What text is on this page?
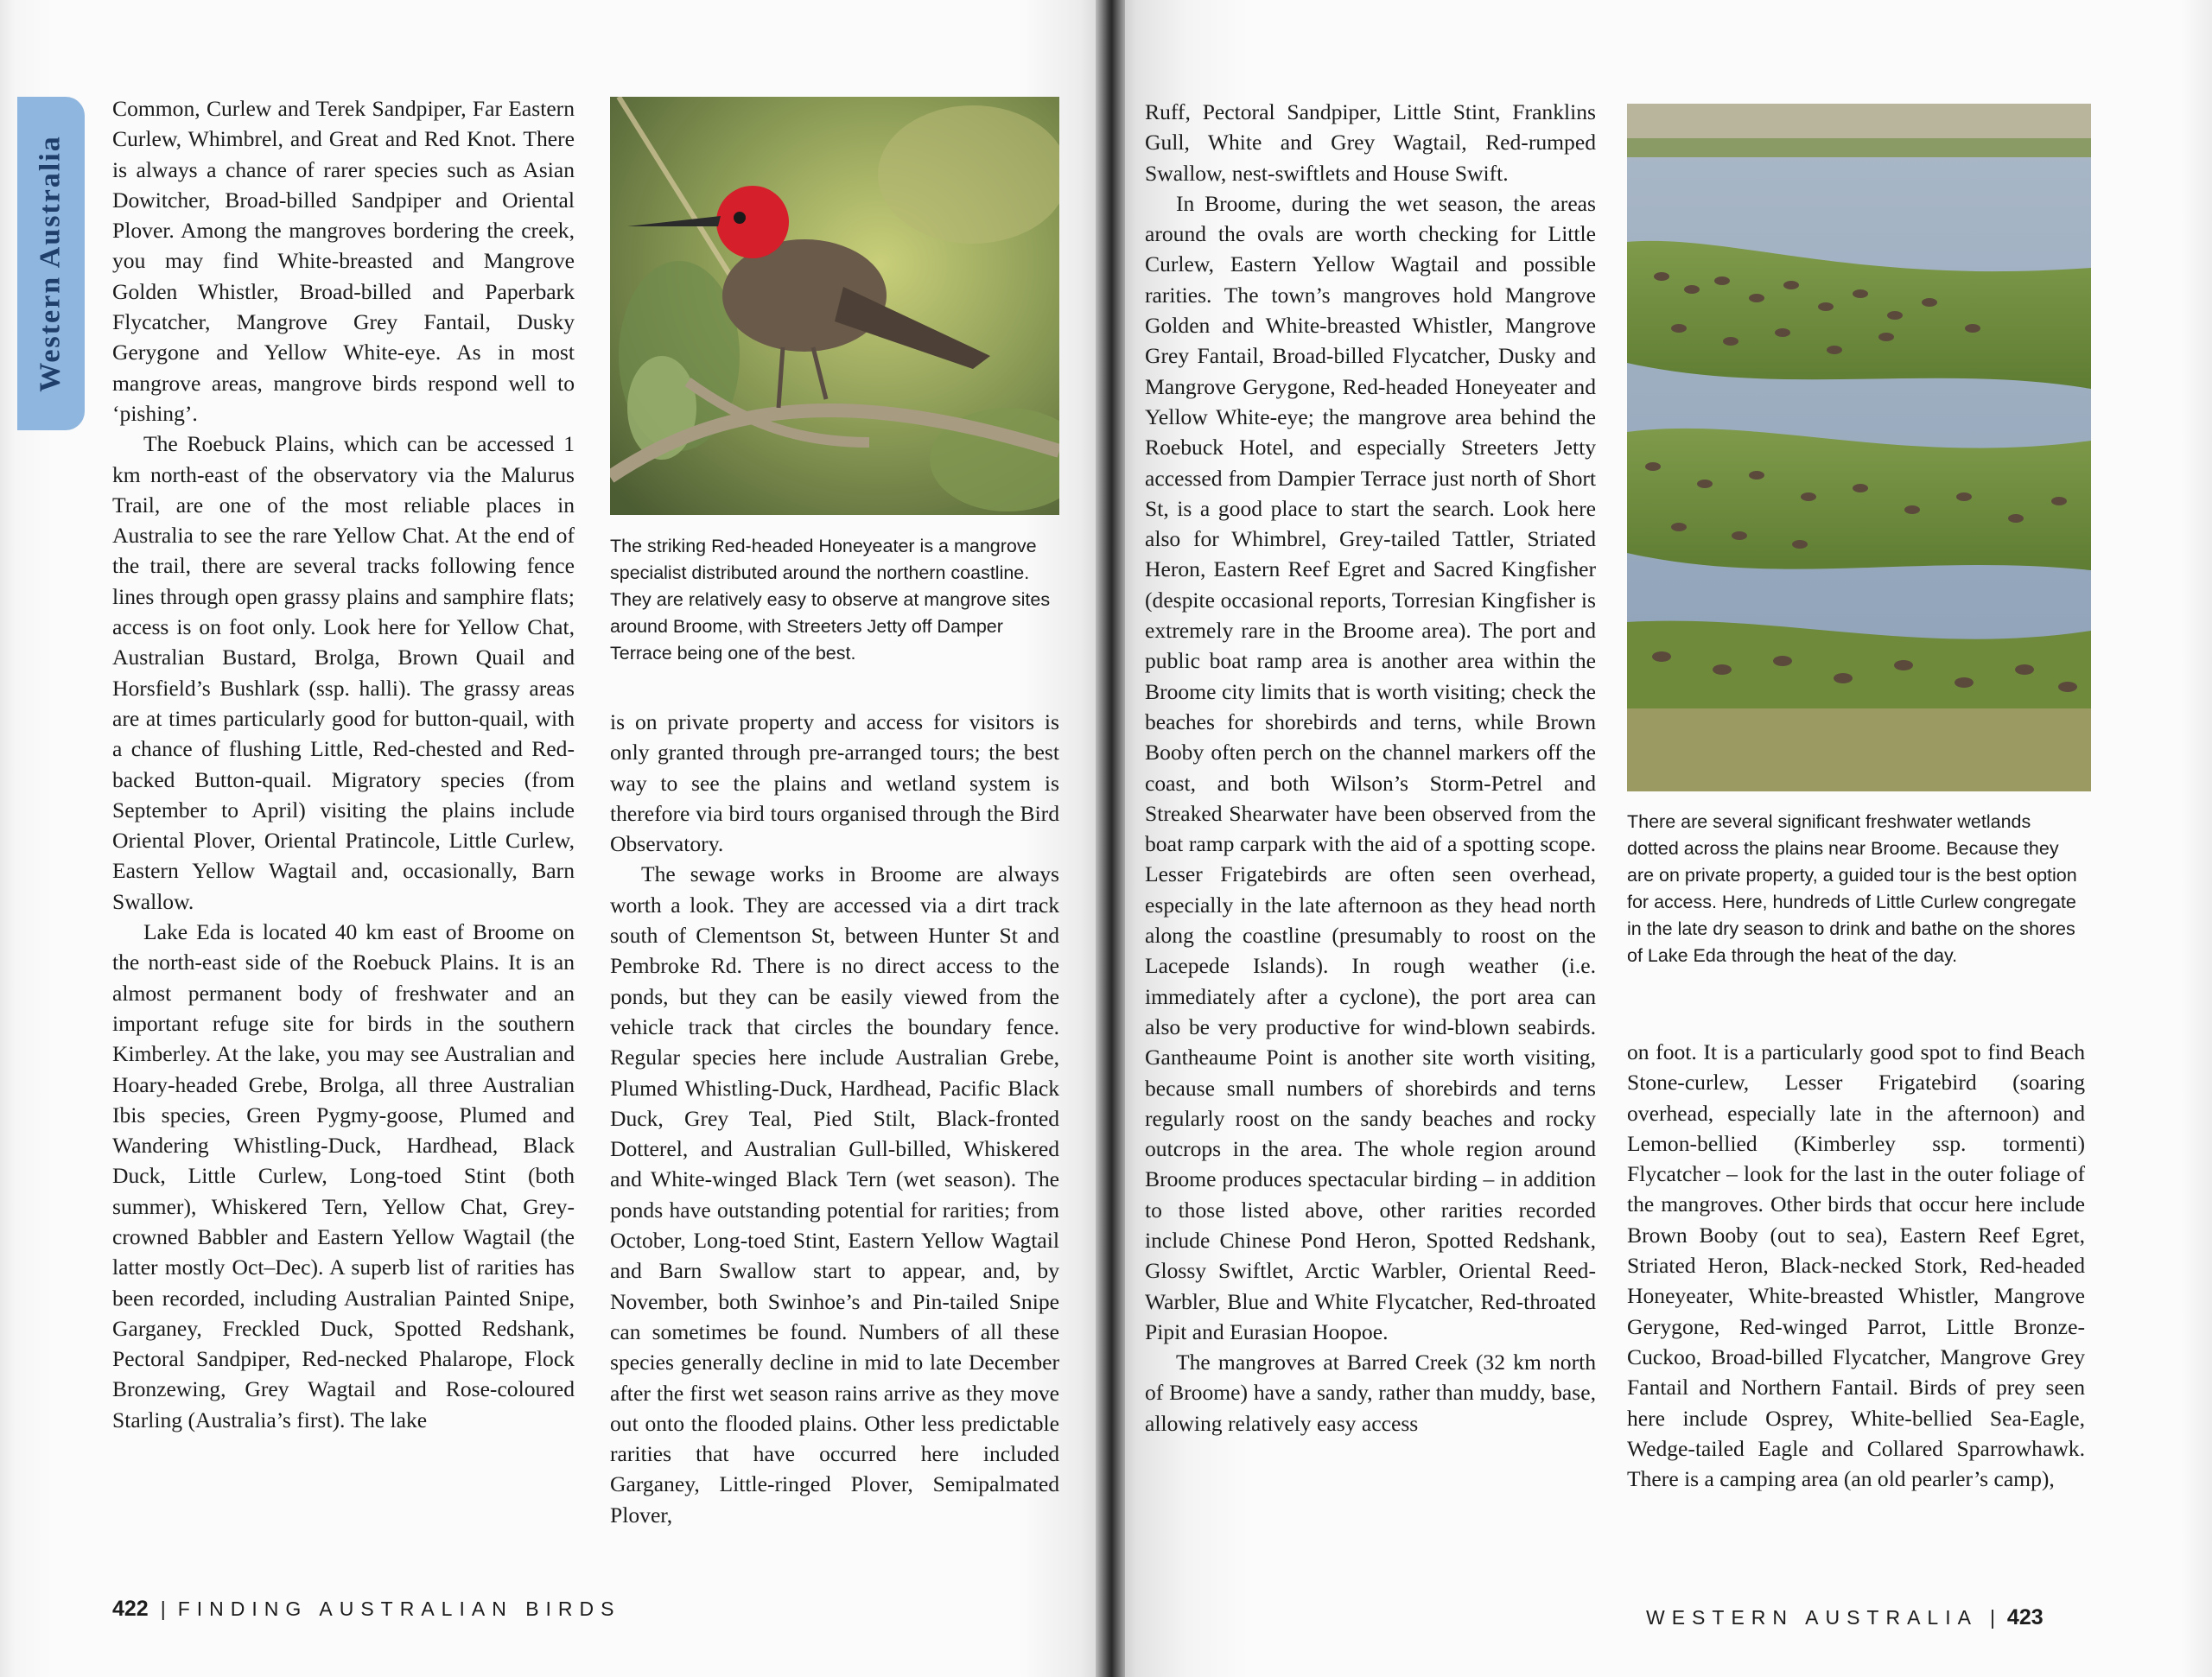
Western Australia

Common, Curlew and Terek Sandpiper, Far Eastern Curlew, Whimbrel, and Great and Red Knot. There is always a chance of rarer species such as Asian Dowitcher, Broad-billed Sandpiper and Oriental Plover. Among the mangroves bordering the creek, you may find White-breasted and Mangrove Golden Whistler, Broad-billed and Paperbark Flycatcher, Mangrove Grey Fantail, Dusky Gerygone and Yellow White-eye. As in most mangrove areas, mangrove birds respond well to ‘pishing’.

The Roebuck Plains, which can be accessed 1 km north-east of the observatory via the Malurus Trail, are one of the most reliable places in Australia to see the rare Yellow Chat. At the end of the trail, there are several tracks following fence lines through open grassy plains and samphire flats; access is on foot only. Look here for Yellow Chat, Australian Bustard, Brolga, Brown Quail and Horsfield’s Bushlark (ssp. halli). The grassy areas are at times particularly good for button-quail, with a chance of flushing Little, Red-chested and Red-backed Button-quail. Migratory species (from September to April) visiting the plains include Oriental Plover, Oriental Pratincole, Little Curlew, Eastern Yellow Wagtail and, occasionally, Barn Swallow.

Lake Eda is located 40 km east of Broome on the north-east side of the Roebuck Plains. It is an almost permanent body of freshwater and an important refuge site for birds in the southern Kimberley. At the lake, you may see Australian and Hoary-headed Grebe, Brolga, all three Australian Ibis species, Green Pygmy-goose, Plumed and Wandering Whistling-Duck, Hardhead, Black Duck, Little Curlew, Long-toed Stint (both summer), Whiskered Tern, Yellow Chat, Grey-crowned Babbler and Eastern Yellow Wagtail (the latter mostly Oct–Dec). A superb list of rarities has been recorded, including Australian Painted Snipe, Garganey, Freckled Duck, Spotted Redshank, Pectoral Sandpiper, Red-necked Phalarope, Flock Bronzewing, Grey Wagtail and Rose-coloured Starling (Australia’s first). The lake

The striking Red-headed Honeyeater is a mangrove specialist distributed around the northern coastline. They are relatively easy to observe at mangrove sites around Broome, with Streeters Jetty off Damper Terrace being one of the best.

is on private property and access for visitors is only granted through pre-arranged tours; the best way to see the plains and wetland system is therefore via bird tours organised through the Bird Observatory.

The sewage works in Broome are always worth a look. They are accessed via a dirt track south of Clementson St, between Hunter St and Pembroke Rd. There is no direct access to the ponds, but they can be easily viewed from the vehicle track that circles the boundary fence. Regular species here include Australian Grebe, Plumed Whistling-Duck, Hardhead, Pacific Black Duck, Grey Teal, Pied Stilt, Black-fronted Dotterel, and Australian Gull-billed, Whiskered and White-winged Black Tern (wet season). The ponds have outstanding potential for rarities; from October, Long-toed Stint, Eastern Yellow Wagtail and Barn Swallow start to appear, and, by November, both Swinhoe’s and Pin-tailed Snipe can sometimes be found. Numbers of all these species generally decline in mid to late December after the first wet season rains arrive as they move out onto the flooded plains. Other less predictable rarities that have occurred here included Garganey, Little-ringed Plover, Semipalmated Plover,

422 | FINDING AUSTRALIAN BIRDS

Ruff, Pectoral Sandpiper, Little Stint, Franklins Gull, White and Grey Wagtail, Red-rumped Swallow, nest-swiftlets and House Swift.

In Broome, during the wet season, the areas around the ovals are worth checking for Little Curlew, Eastern Yellow Wagtail and possible rarities. The town’s mangroves hold Mangrove Golden and White-breasted Whistler, Mangrove Grey Fantail, Broad-billed Flycatcher, Dusky and Mangrove Gerygone, Red-headed Honeyeater and Yellow White-eye; the mangrove area behind the Roebuck Hotel, and especially Streeters Jetty accessed from Dampier Terrace just north of Short St, is a good place to start the search. Look here also for Whimbrel, Grey-tailed Tattler, Striated Heron, Eastern Reef Egret and Sacred Kingfisher (despite occasional reports, Torresian Kingfisher is extremely rare in the Broome area). The port and public boat ramp area is another area within the Broome city limits that is worth visiting; check the beaches for shorebirds and terns, while Brown Booby often perch on the channel markers off the coast, and both Wilson’s Storm-Petrel and Streaked Shearwater have been observed from the boat ramp carpark with the aid of a spotting scope. Lesser Frigatebirds are often seen overhead, especially in the late afternoon as they head north along the coastline (presumably to roost on the Lacepede Islands). In rough weather (i.e. immediately after a cyclone), the port area can also be very productive for wind-blown seabirds. Gantheaume Point is another site worth visiting, because small numbers of shorebirds and terns regularly roost on the sandy beaches and rocky outcrops in the area. The whole region around Broome produces spectacular birding – in addition to those listed above, other rarities recorded include Chinese Pond Heron, Spotted Redshank, Glossy Swiftlet, Arctic Warbler, Oriental Reed-Warbler, Blue and White Flycatcher, Red-throated Pipit and Eurasian Hoopoe.

The mangroves at Barred Creek (32 km north of Broome) have a sandy, rather than muddy, base, allowing relatively easy access

There are several significant freshwater wetlands dotted across the plains near Broome. Because they are on private property, a guided tour is the best option for access. Here, hundreds of Little Curlew congregate in the late dry season to drink and bathe on the shores of Lake Eda through the heat of the day.

on foot. It is a particularly good spot to find Beach Stone-curlew, Lesser Frigatebird (soaring overhead, especially late in the afternoon) and Lemon-bellied (Kimberley ssp. tormenti) Flycatcher – look for the last in the outer foliage of the mangroves. Other birds that occur here include Brown Booby (out to sea), Eastern Reef Egret, Striated Heron, Black-necked Stork, Red-headed Honeyeater, White-breasted Whistler, Mangrove Gerygone, Red-winged Parrot, Little Bronze-Cuckoo, Broad-billed Flycatcher, Mangrove Grey Fantail and Northern Fantail. Birds of prey seen here include Osprey, White-bellied Sea-Eagle, Wedge-tailed Eagle and Collared Sparrowhawk. There is a camping area (an old pearler’s camp),

WESTERN AUSTRALIA | 423
